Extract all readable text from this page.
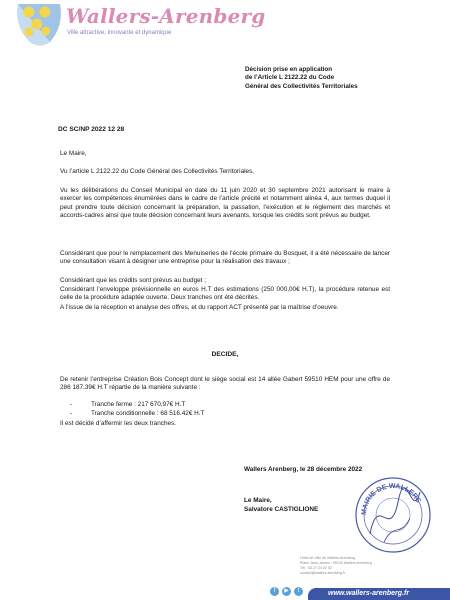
Wallers-Arenberg
Ville attractive, innovante et dynamique
Décision prise en application
de l’Article L 2122.22 du Code
Général des Collectivités Territoriales
DC SC/NP 2022 12 28

Le Maire,

Vu l’article L 2122.22 du Code Général des Collectivités Territoriales,

Vu les délibérations du Conseil Municipal en date du 11 juin 2020 et 30 septembre 2021 autorisant le maire à exercer les compétences énumérées dans le cadre de l’article précité et notamment alinéa 4, aux termes duquel il peut prendre toute décision concernant la préparation, la passation, l’exécution et le règlement des marchés et accords-cadres ainsi que toute décision concernant leurs avenants, lorsque les crédits sont prévus au budget.

Considérant que pour le remplacement des Menuiseries de l’école primaire du Bosquet, il a été nécessaire de lancer une consultation visant à désigner une entreprise pour la réalisation des travaux ;

Considérant que les crédits sont prévus au budget ;

Considérant l’enveloppe prévisionnelle en euros H.T des estimations (250 000,00€ H.T), la procédure retenue est celle de la procédure adaptée ouverte. Deux tranches ont été décrites.

A l’issue de la réception et analyse des offres, et du rapport ACT présenté par la maîtrise d’oeuvre.

DECIDE,

De retenir l’entreprise Création Bois Concept dont le siège social est 14 allée Gabert 59510 HEM pour une offre de 286 187.39€ H.T répartie de la manière suivante :

-	Tranche ferme : 217 670,97€ H.T
-	Tranche conditionnelle : 68 516.42€ H.T
Il est décidé d’affermir les deux tranches.
Wallers Arenberg, le 28 décembre 2022
Le Maire,
Salvatore CASTIGLIONE	MAIRIE DE WALLERS
Hôtel de Ville de Wallers-Arenberg
Place Jean Jaurès · 59135 Wallers-Arenberg
Tél : 03 27 24 52 52
contact@wallers-arenberg.fr
f	▶	t	www.wallers-arenberg.fr
